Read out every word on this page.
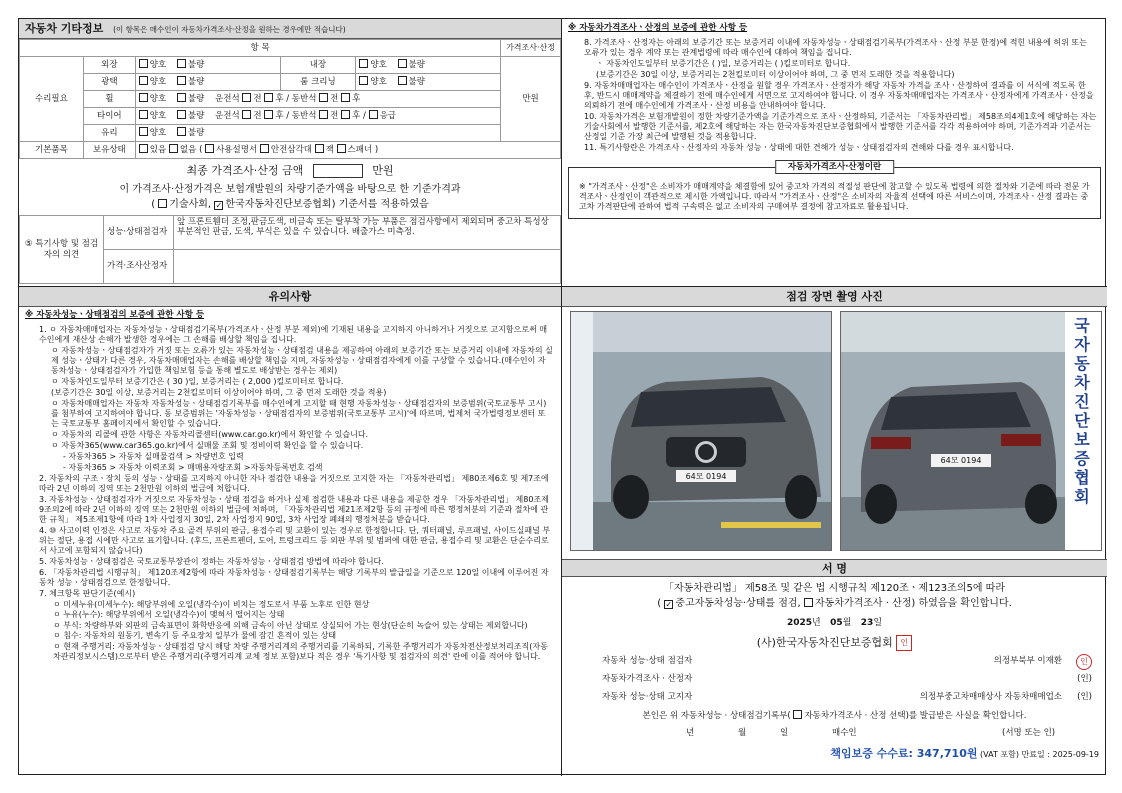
자동차 기타정보 (이 항목은 매수인이 자동차가격조사·산정을 원하는 경우에만 적습니다)
항 목					가격조사·산정
수리필요	외장	양호 불량	내장	양호 불량	만원
	광택	양호 불량	룸 크리닝	양호 불량	
	휠	양호 불량 운전석 전 후 / 동반석 전 후			
	타이어	양호 불량 운전석 전 후 / 동반석 전 후 / 응급			
	유리	양호 불량			
기본품목	보유상태	있음 없음 ( 사용설명서 안전삼각대 잭 스패너 )			
최종 가격조사·산정 금액	만원
이 가격조사·산정가격은 보험개발원의 차량기준가액을 바탕으로 한 기준가격과
( 기술사회, ✓ 한국자동차진단보증협회) 기준서를 적용하였음
⑤ 특기사항 및 점검자의 의견	성능·상태점검자	앞 프론트휀더 조정,판금도색, 비금속 또는 탈부착 가능 부품은 점검사항에서 제외되며 중고차 특성상 부분적인 판금, 도색, 부식은 있을 수 있습니다. 배출가스 미측정.
	가격·조사산정자	
※ 자동차가격조사ㆍ산정의 보증에 관한 사항 등

8. 가격조사ㆍ산정자는 아래의 보증기간 또는 보증거리 이내에 자동차성능ㆍ상태점검기록부(가격조사ㆍ산정 부분 한정)에 적힌 내용에 허위 또는 오류가 있는 경우 계약 또는 관계법령에 따라 매수인에 대하여 책임을 집니다.

ㆍ 자동차인도일부터 보증기간은 ( )일, 보증거리는 ( )킬로미터로 합니다.

(보증기간은 30일 이상, 보증거리는 2천킬로미터 이상이어야 하며, 그 중 먼저 도래한 것을 적용합니다)

9. 자동차매매업자는 매수인이 가격조사ㆍ산정을 원할 경우 가격조사ㆍ산정자가 해당 자동차 가격을 조사ㆍ산정하여 결과를 이 서식에 적도록 한 후, 반드시 매매계약을 체결하기 전에 매수인에게 서면으로 고지하여야 합니다. 이 경우 자동차매매업자는 가격조사ㆍ산정자에게 가격조사ㆍ산정을 의뢰하기 전에 매수인에게 가격조사ㆍ산정 비용을 안내하여야 합니다.

10. 자동차가격은 보험개발원이 정한 차량기준가액을 기준가격으로 조사ㆍ산정하되, 기준서는 「자동차관리법」 제58조의4제1호에 해당하는 자는 기술사회에서 발행한 기준서를, 제2호에 해당하는 자는 한국자동차진단보증협회에서 발행한 기준서를 각각 적용하여야 하며, 기준가격과 기준서는 산정일 기준 가장 최근에 발행된 것을 적용합니다.

11. 특기사항란은 가격조사ㆍ산정자의 자동차 성능ㆍ상태에 대한 견해가 성능ㆍ상태점검자의 견해와 다를 경우 표시합니다.

자동차가격조사·산정이란

※ "가격조사ㆍ산정"은 소비자가 매매계약을 체결함에 있어 중고차 가격의 적절성 판단에 참고할 수 있도록 법령에 의한 절차와 기준에 따라 전문 가격조사ㆍ산정인이 객관적으로 제시한 가액입니다. 따라서 "가격조사ㆍ산정"은 소비자의 자율적 선택에 따른 서비스이며, 가격조사ㆍ산정 결과는 중고차 가격판단에 관하여 법적 구속력은 없고 소비자의 구매여부 결정에 참고자료로 활용됩니다.

유의사항
※ 자동차성능ㆍ상태점검의 보증에 관한 사항 등

1. ㅇ 자동차매매업자는 자동차성능ㆍ상태점검기록부(가격조사ㆍ산정 부분 제외)에 기재된 내용을 고지하지 아니하거나 거짓으로 고지함으로써 매수인에게 재산상 손해가 발생한 경우에는 그 손해를 배상할 책임을 집니다.

ㅇ 자동차성능ㆍ상태점검자가 거짓 또는 오류가 있는 자동차성능ㆍ상태점검 내용을 제공하여 아래의 보증기간 또는 보증거리 이내에 자동차의 실제 성능ㆍ상태가 다른 경우, 자동차매매업자는 손해를 배상할 책임을 지며, 자동차성능ㆍ상태점검자에게 이를 구상할 수 있습니다.(매수인이 자동차성능ㆍ상태점검자가 가입한 책임보험 등을 통해 별도로 배상받는 경우는 제외)

ㅇ 자동차인도일부터 보증기간은 ( 30 )일, 보증거리는 ( 2,000 )킬로미터로 합니다.

(보증기간은 30일 이상, 보증거리는 2천킬로미터 이상이어야 하며, 그 중 먼저 도래한 것을 적용)

ㅇ 자동차매매업자는 자동차 자동차성능ㆍ상태점검기록부를 매수인에게 고지할 때 현행 자동차성능ㆍ상태점검자의 보증범위(국토교통부 고시)를 첨부하여 고지하여야 합니다. 동 보증범위는 '자동차성능ㆍ상태점검자의 보증범위(국토교통부 고시)'에 따르며, 법제처 국가법령정보센터 또는 국토교통부 홈페이지에서 확인할 수 있습니다.

ㅇ 자동차의 리콜에 관한 사항은 자동차리콜센터(www.car.go.kr)에서 확인할 수 있습니다.

ㅇ 자동차365(www.car365.go.kr)에서 실매물 조회 및 정비이력 확인을 할 수 있습니다.

- 자동차365 > 자동차 실매물검색 > 차량번호 입력

- 자동차365 > 자동차 이력조회 > 매매용자량조회 >자동차등록번호 검색

2. 자동차의 구조ㆍ장치 등의 성능ㆍ상태를 고지하지 아니한 자나 점검한 내용을 거짓으로 고지한 자는 「자동차관리법」 제80조제6호 및 제7조에 따라 2년 이하의 징역 또는 2천만원 이하의 벌금에 처합니다.

3. 자동차성능ㆍ상태점검자가 거짓으로 자동차성능ㆍ상태 점검을 하거나 실제 점검한 내용과 다른 내용을 제공한 경우 「자동차관리법」 제80조제9조의2에 따라 2년 이하의 징역 또는 2천만원 이하의 벌금에 처하며, 「자동차관리법 제21조제2항 등의 규정에 따른 행정처분의 기준과 절차에 관한 규칙」 제5조제1항에 따라 1차 사업정지 30일, 2차 사업정지 90일, 3차 사업장 폐쇄의 행정처분을 받습니다.

4. ⑩ 사고이력 인정은 사고로 자동차 주요 골격 부위의 판금, 용접수리 및 교환이 있는 경우로 한정합니다. 단, 쿼터패널, 루프패널, 사이드실패널 부위는 절단, 용접 시에만 사고로 표기합니다. (후드, 프론트펜더, 도어, 트렁크리드 등 외판 부위 및 범퍼에 대한 판금, 용접수리 및 교환은 단순수리로서 사고에 포함되지 않습니다)

5. 자동차성능ㆍ상태점검은 국토교통부장관이 정하는 자동차성능ㆍ상태점검 방법에 따라야 합니다.

6. 「자동차관리법 시행규칙」 제120조제2항에 따라 자동차성능ㆍ상태점검기록부는 해당 기록부의 발급일을 기준으로 120일 이내에 이루어진 자동차 성능ㆍ상태점검으로 한정합니다.

7. 체크항목 판단기준(예시)

ㅇ 미세누유(미세누수): 해당부위에 오일(냉각수)이 비치는 정도로서 부품 노후로 인한 현상

ㅇ 누유(누수): 해당부위에서 오일(냉각수)이 맺혀서 떨어지는 상태

ㅇ 부식: 차량하부와 외판의 금속표면이 화학반응에 의해 금속이 아닌 상태로 상실되어 가는 현상(단순히 녹슬어 있는 상태는 제외합니다)

ㅇ 침수: 자동차의 원동기, 변속기 등 주요장치 일부가 물에 잠긴 흔적이 있는 상태

ㅇ 현재 주행거리: 자동차성능ㆍ상태점검 당시 해당 차량 주행거리계의 주행거리를 기록하되, 기록한 주행거리가 자동차전산정보처리조직(자동차관리정보시스템)으로부터 받은 주행거리(주행거리계 교체 정보 포함)보다 적은 경우 '특기사항 및 점검자의 의견' 란에 이를 적어야 합니다.

점검 장면 촬영 사진
64모 0194
64모 0194
국
자
동
차
진
단
보
증
협
회
서 명
「자동차관리법」 제58조 및 같은 법 시행규칙 제120조ㆍ제123조의5에 따라
( ✓ 중고자동차성능·상태를 점검, 자동차가격조사 · 산정) 하였음을 확인합니다.
2025년 05월 23일
(사)한국자동차진단보증협회 인
자동차 성능·상태 점검자	의정부북부 이재환	인
자동차가격조사 · 산정자	(인)
자동차 성능·상태 고지자	의정부중고차매매상사 자동차매매업소 (인)
본인은 위 자동차성능 · 상태점검기록부( 자동차가격조사 · 산정 선택)를 발급받은 사실을 확인합니다.
년	월	일	매수인	(서명 또는 인)
책임보증 수수료: 347,710원 (VAT 포함) 만료일 : 2025-09-19
